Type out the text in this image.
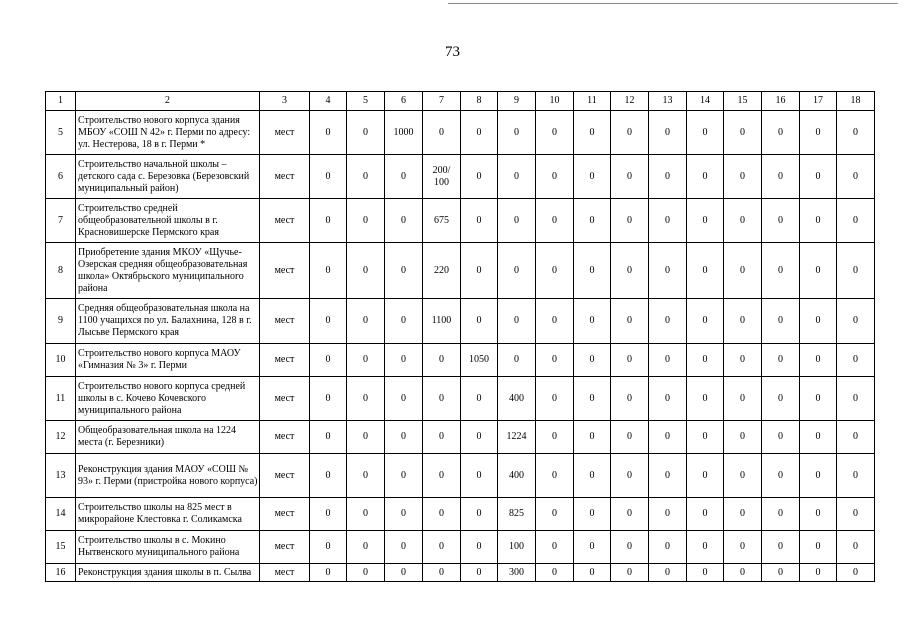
73
1	2	3	4	5	6	7	8	9	10	11	12	13	14	15	16	17	18
5	Строительство нового корпуса здания МБОУ «СОШ N 42» г. Перми по адресу: ул. Нестерова, 18 в г. Перми *	мест	0	0	1000	0	0	0	0	0	0	0	0	0	0	0	0
6	Строительство начальной школы – детского сада с. Березовка (Березовский муниципальный район)	мест	0	0	0	200/ 100	0	0	0	0	0	0	0	0	0	0	0
7	Строительство средней общеобразовательной школы в г. Красновишерске Пермского края	мест	0	0	0	675	0	0	0	0	0	0	0	0	0	0	0
8	Приобретение здания МКОУ «Щучье-Озерская средняя общеобразовательная школа» Октябрьского муниципального района	мест	0	0	0	220	0	0	0	0	0	0	0	0	0	0	0
9	Средняя общеобразовательная школа на 1100 учащихся по ул. Балахнина, 128 в г. Лысьве Пермского края	мест	0	0	0	1100	0	0	0	0	0	0	0	0	0	0	0
10	Строительство нового корпуса МАОУ «Гимназия № 3» г. Перми	мест	0	0	0	0	1050	0	0	0	0	0	0	0	0	0	0
11	Строительство нового корпуса средней школы в с. Кочево Кочевского муниципального района	мест	0	0	0	0	0	400	0	0	0	0	0	0	0	0	0
12	Общеобразовательная школа на 1224 места (г. Березники)	мест	0	0	0	0	0	1224	0	0	0	0	0	0	0	0	0
13	Реконструкция здания МАОУ «СОШ № 93» г. Перми (пристройка нового корпуса)	мест	0	0	0	0	0	400	0	0	0	0	0	0	0	0	0
14	Строительство школы на 825 мест в микрорайоне Клестовка г. Соликамска	мест	0	0	0	0	0	825	0	0	0	0	0	0	0	0	0
15	Строительство школы в с. Мокино Нытвенского муниципального района	мест	0	0	0	0	0	100	0	0	0	0	0	0	0	0	0
16	Реконструкция здания школы в п. Сылва	мест	0	0	0	0	0	300	0	0	0	0	0	0	0	0	0
